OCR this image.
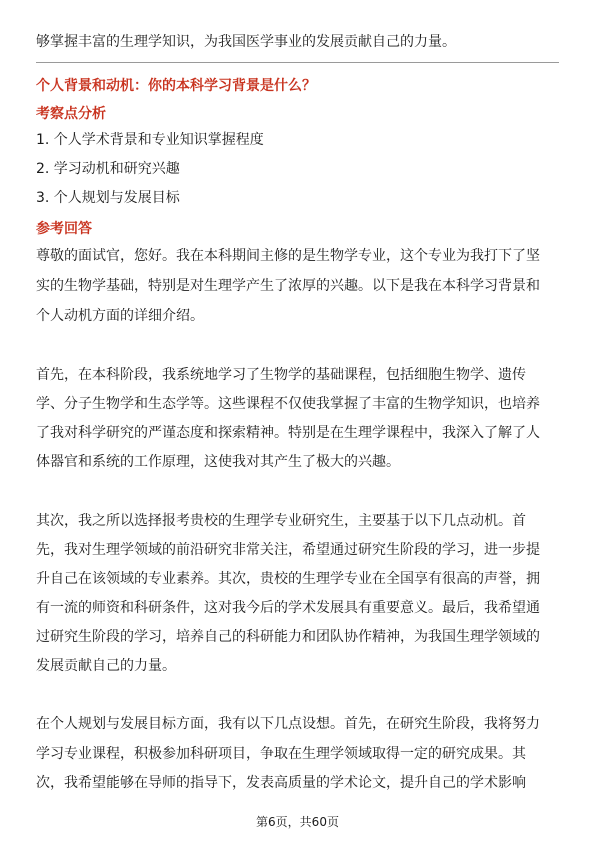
够掌握丰富的生理学知识，为我国医学事业的发展贡献自己的力量。
个人背景和动机：你的本科学习背景是什么？
考察点分析
1. 个人学术背景和专业知识掌握程度
2. 学习动机和研究兴趣
3. 个人规划与发展目标
参考回答
尊敬的面试官，您好。我在本科期间主修的是生物学专业，这个专业为我打下了坚
实的生物学基础，特别是对生理学产生了浓厚的兴趣。以下是我在本科学习背景和
个人动机方面的详细介绍。
首先，在本科阶段，我系统地学习了生物学的基础课程，包括细胞生物学、遗传
学、分子生物学和生态学等。这些课程不仅使我掌握了丰富的生物学知识，也培养
了我对科学研究的严谨态度和探索精神。特别是在生理学课程中，我深入了解了人
体器官和系统的工作原理，这使我对其产生了极大的兴趣。
其次，我之所以选择报考贵校的生理学专业研究生，主要基于以下几点动机。首
先，我对生理学领域的前沿研究非常关注，希望通过研究生阶段的学习，进一步提
升自己在该领域的专业素养。其次，贵校的生理学专业在全国享有很高的声誉，拥
有一流的师资和科研条件，这对我今后的学术发展具有重要意义。最后，我希望通
过研究生阶段的学习，培养自己的科研能力和团队协作精神，为我国生理学领域的
发展贡献自己的力量。
在个人规划与发展目标方面，我有以下几点设想。首先，在研究生阶段，我将努力
学习专业课程，积极参加科研项目，争取在生理学领域取得一定的研究成果。其
次，我希望能够在导师的指导下，发表高质量的学术论文，提升自己的学术影响
第6页，共60页
